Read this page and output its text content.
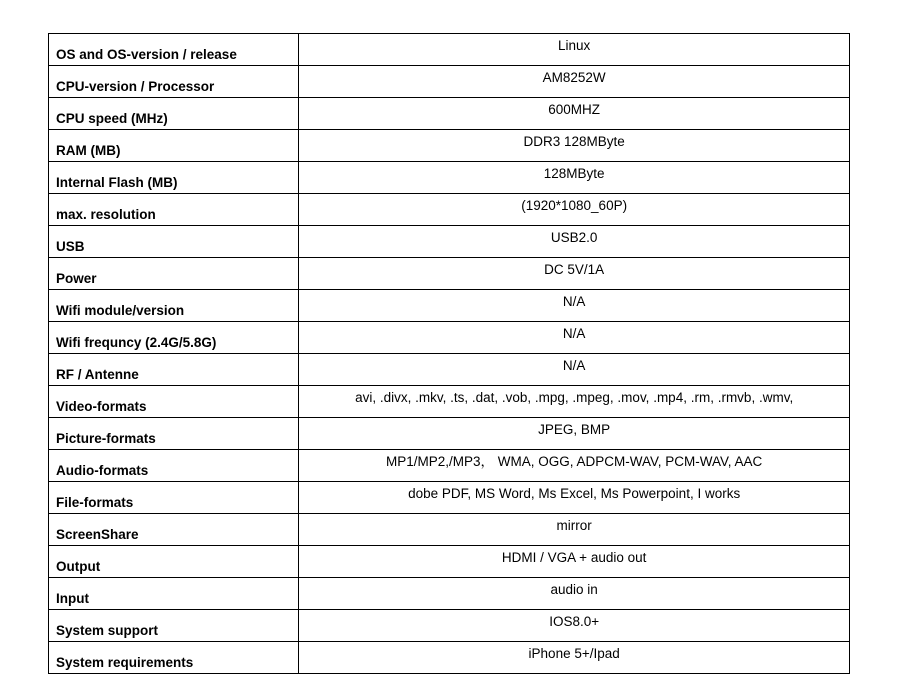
OS and OS-version / release	Linux
CPU-version / Processor	AM8252W
CPU speed (MHz)	600MHZ
RAM (MB)	DDR3 128MByte
Internal Flash (MB)	128MByte
max. resolution	(1920*1080_60P)
USB	USB2.0
Power	DC 5V/1A
Wifi module/version	N/A
Wifi frequncy (2.4G/5.8G)	N/A
RF / Antenne	N/A
Video-formats	avi, .divx, .mkv, .ts, .dat, .vob, .mpg, .mpeg, .mov, .mp4, .rm, .rmvb, .wmv,
Picture-formats	JPEG, BMP
Audio-formats	MP1/MP2,/MP3， WMA, OGG, ADPCM-WAV, PCM-WAV, AAC
File-formats	dobe PDF, MS Word, Ms Excel, Ms Powerpoint, I works
ScreenShare	mirror
Output	HDMI / VGA + audio out
Input	audio in
System support	IOS8.0+
System requirements	iPhone 5+/Ipad
